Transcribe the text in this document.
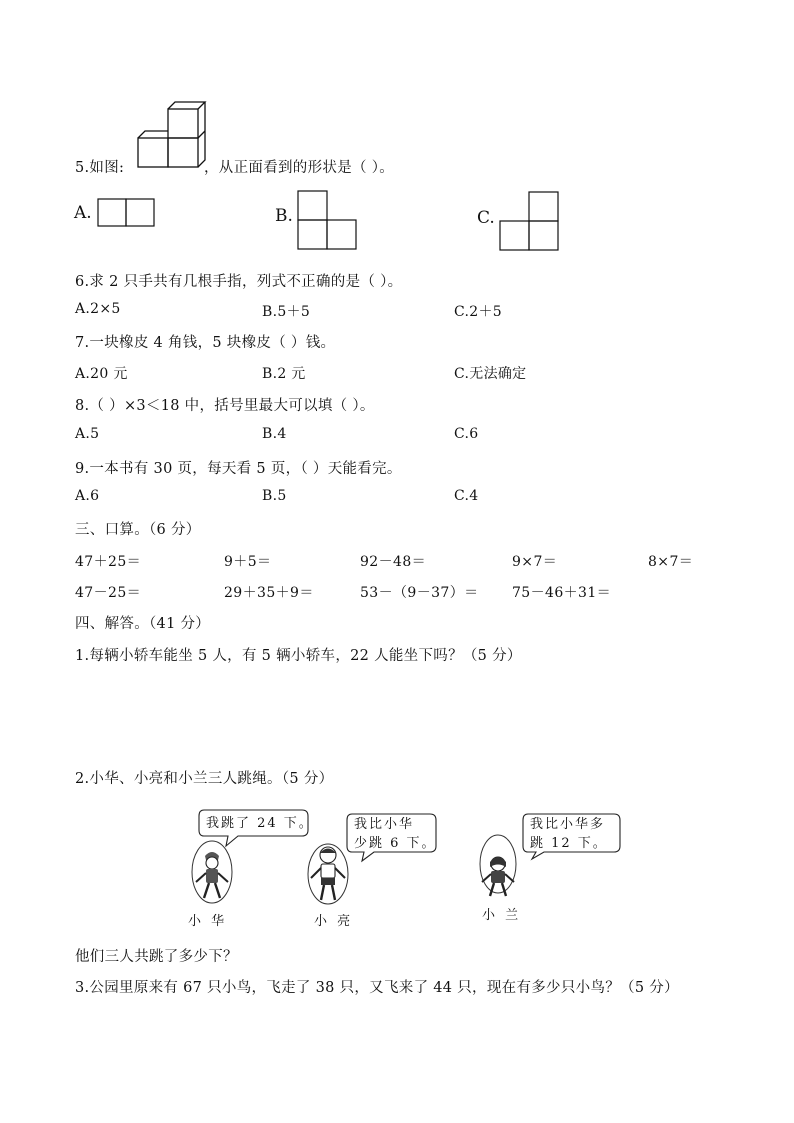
5.如图:	，从正面看到的形状是（ ）。
A.	B.	C.
6.求 2 只手共有几根手指，列式不正确的是（ ）。
A.2×5	B.5＋5	C.2＋5
7.一块橡皮 4 角钱，5 块橡皮（ ）钱。
A.20 元	B.2 元	C.无法确定
8.（ ）×3＜18 中，括号里最大可以填（ ）。
A.5	B.4	C.6
9.一本书有 30 页，每天看 5 页，（ ）天能看完。
A.6	B.5	C.4
三、口算。（6 分）
47＋25＝	9＋5＝	92－48＝	9×7＝	8×7＝
47－25＝	29＋35＋9＝	53－（9－37）＝ 75－46＋31＝
四、解答。（41 分）
1.每辆小轿车能坐 5 人，有 5 辆小轿车，22 人能坐下吗？（5 分）
2.小华、小亮和小兰三人跳绳。（5 分）
我跳了 24 下。
小 华
我比小华
少跳 6 下。
小 亮
我比小华多
跳 12 下。
小 兰
他们三人共跳了多少下？
3.公园里原来有 67 只小鸟，飞走了 38 只，又飞来了 44 只，现在有多少只小鸟？（5 分）
